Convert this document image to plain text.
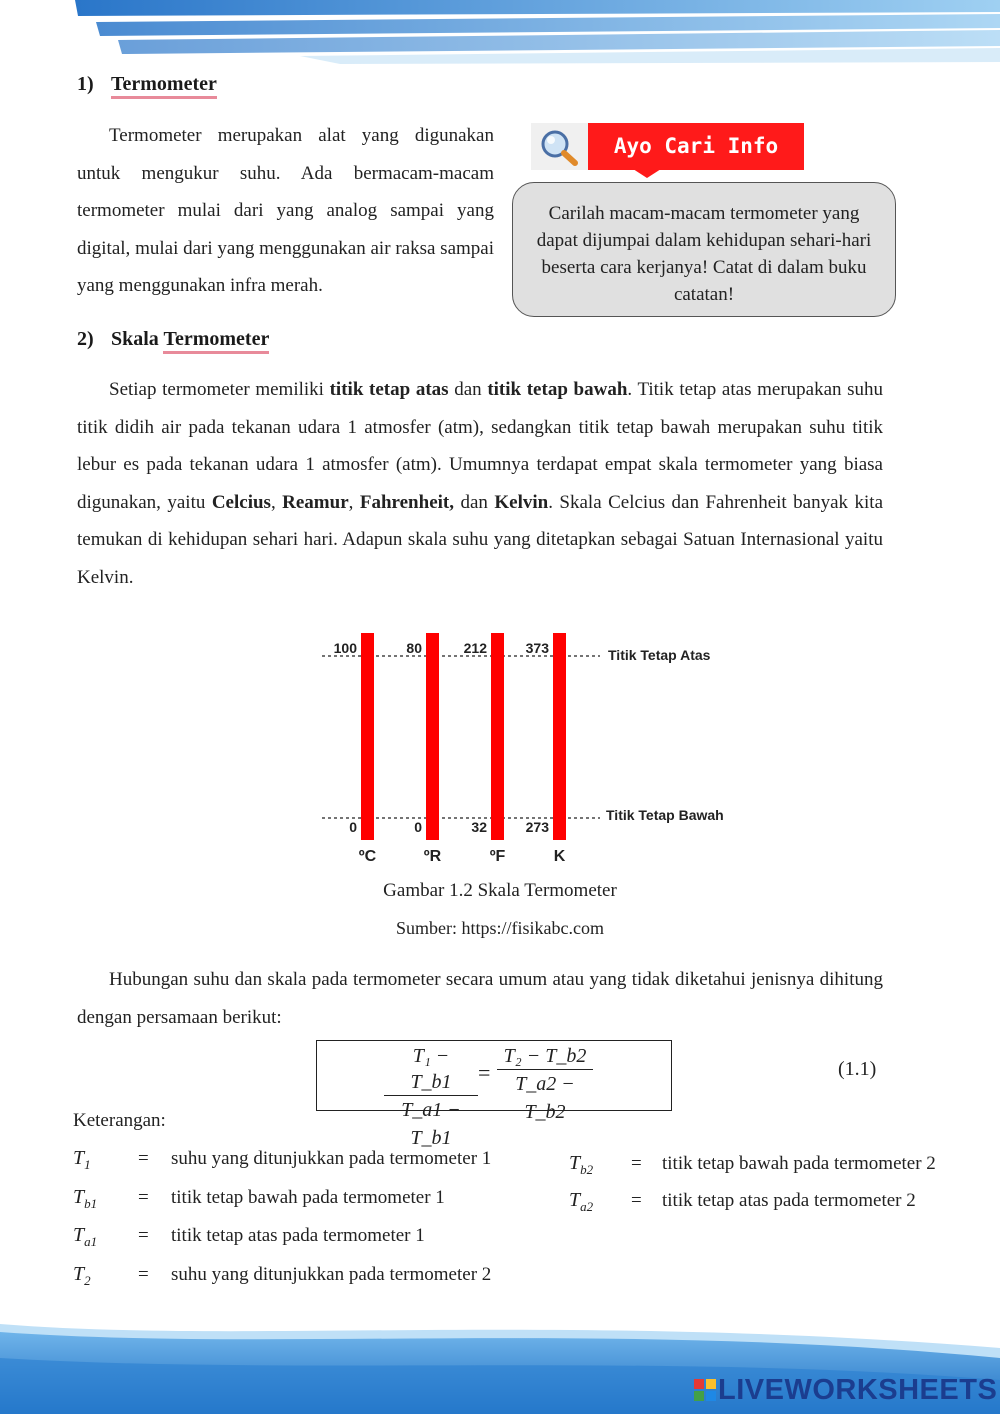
1) Termometer
Termometer merupakan alat yang digunakan untuk mengukur suhu. Ada bermacam-macam termometer mulai dari yang analog sampai yang digital, mulai dari yang menggunakan air raksa sampai yang menggunakan infra merah.
Ayo Cari Info
Carilah macam-macam termometer yang dapat dijumpai dalam kehidupan sehari-hari beserta cara kerjanya! Catat di dalam buku catatan!
2) Skala Termometer
Setiap termometer memiliki titik tetap atas dan titik tetap bawah. Titik tetap atas merupakan suhu titik didih air pada tekanan udara 1 atmosfer (atm), sedangkan titik tetap bawah merupakan suhu titik lebur es pada tekanan udara 1 atmosfer (atm). Umumnya terdapat empat skala termometer yang biasa digunakan, yaitu Celcius, Reamur, Fahrenheit, dan Kelvin. Skala Celcius dan Fahrenheit banyak kita temukan di kehidupan sehari hari. Adapun skala suhu yang ditetapkan sebagai Satuan Internasional yaitu Kelvin.
Titik Tetap Atas
Titik Tetap Bawah
100
0
ºC
80
0
ºR
212
32
ºF
373
273
K
Gambar 1.2 Skala Termometer
Sumber: https://fisikabc.com
Hubungan suhu dan skala pada termometer secara umum atau yang tidak diketahui jenisnya dihitung dengan persamaan berikut:
$\frac{\text{T₁ − T\_b1}}{T\_a1 - T\_b1} = \frac{\text{T₂ − T\_b2}}{T\_a2 - T\_b2}$	(1.1)
Keterangan:
$T_1$ = suhu yang ditunjukkan pada termometer 1
$T_{b1}$ = titik tetap bawah pada termometer 1
$T_{a1}$ = titik tetap atas pada termometer 1
$T_2$ = suhu yang ditunjukkan pada termometer 2
$T_{b2}$ = titik tetap bawah pada termometer 2
$T_{a2}$ = titik tetap atas pada termometer 2
LIVEWORKSHEETS
